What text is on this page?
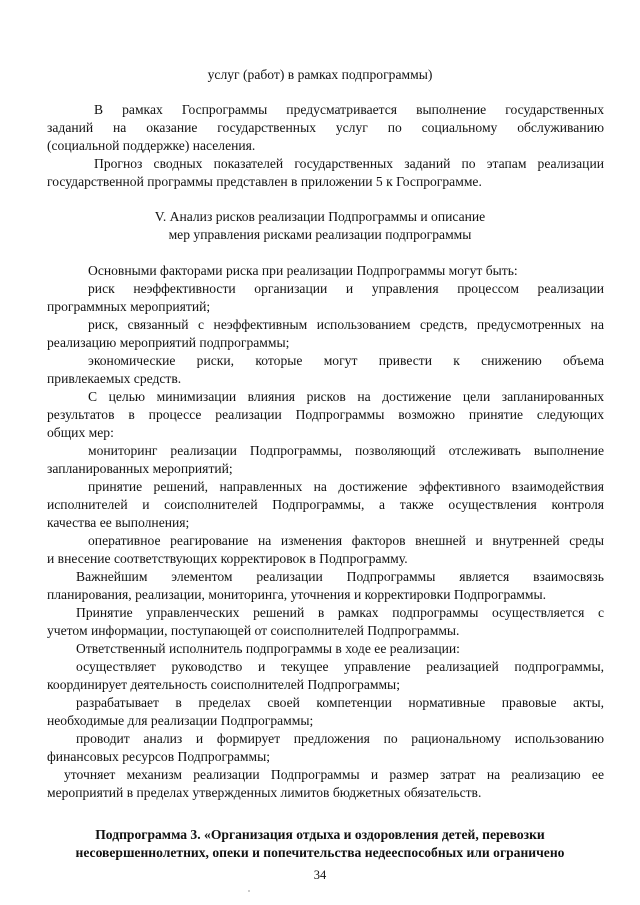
услуг (работ) в рамках подпрограммы)
В рамках Госпрограммы предусматривается выполнение государственных
заданий на оказание государственных услуг по социальному обслуживанию
(социальной поддержке) населения.
Прогноз сводных показателей государственных заданий по этапам реализации
государственной программы представлен в приложении 5 к Госпрограмме.
V. Анализ рисков реализации Подпрограммы и описание
мер управления рисками реализации подпрограммы
Основными факторами риска при реализации Подпрограммы могут быть:
риск неэффективности организации и управления процессом реализации
программных мероприятий;
риск, связанный с неэффективным использованием средств, предусмотренных на
реализацию мероприятий подпрограммы;
экономические риски, которые могут привести к снижению объема
привлекаемых средств.
С целью минимизации влияния рисков на достижение цели запланированных
результатов в процессе реализации Подпрограммы возможно принятие следующих
общих мер:
мониторинг реализации Подпрограммы, позволяющий отслеживать выполнение
запланированных мероприятий;
принятие решений, направленных на достижение эффективного взаимодействия
исполнителей и соисполнителей Подпрограммы, а также осуществления контроля
качества ее выполнения;
оперативное реагирование на изменения факторов внешней и внутренней среды
и внесение соответствующих корректировок в Подпрограмму.
Важнейшим элементом реализации Подпрограммы является взаимосвязь
планирования, реализации, мониторинга, уточнения и корректировки Подпрограммы.
Принятие управленческих решений в рамках подпрограммы осуществляется с
учетом информации, поступающей от соисполнителей Подпрограммы.
Ответственный исполнитель подпрограммы в ходе ее реализации:
осуществляет руководство и текущее управление реализацией подпрограммы,
координирует деятельность соисполнителей Подпрограммы;
разрабатывает в пределах своей компетенции нормативные правовые акты,
необходимые для реализации Подпрограммы;
проводит анализ и формирует предложения по рациональному использованию
финансовых ресурсов Подпрограммы;
уточняет механизм реализации Подпрограммы и размер затрат на реализацию ее
мероприятий в пределах утвержденных лимитов бюджетных обязательств.
Подпрограмма 3. «Организация отдыха и оздоровления детей, перевозки
несовершеннолетних, опеки и попечительства недееспособных или ограничено
34
